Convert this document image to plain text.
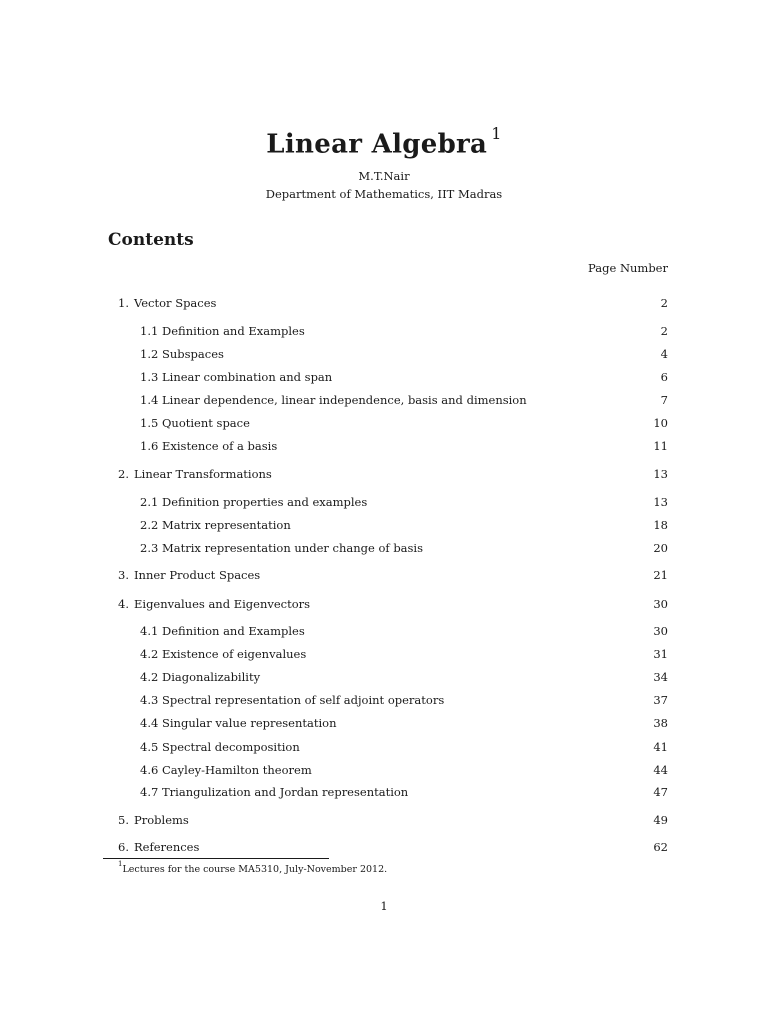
Linear Algebra $^1$
M.T.Nair
Department of Mathematics, IIT Madras
Contents
Page Number
1. Vector Spaces	2
1.1 Definition and Examples	2
1.2 Subspaces	4
1.3 Linear combination and span	6
1.4 Linear dependence, linear independence, basis and dimension	7
1.5 Quotient space	10
1.6 Existence of a basis	11
2. Linear Transformations	13
2.1 Definition properties and examples	13
2.2 Matrix representation	18
2.3 Matrix representation under change of basis	20
3. Inner Product Spaces	21
4. Eigenvalues and Eigenvectors	30
4.1 Definition and Examples	30
4.2 Existence of eigenvalues	31
4.2 Diagonalizability	34
4.3 Spectral representation of self adjoint operators	37
4.4 Singular value representation	38
4.5 Spectral decomposition	41
4.6 Cayley-Hamilton theorem	44
4.7 Triangulization and Jordan representation	47
5. Problems	49
6. References	62
$^1$Lectures for the course MA5310, July-November 2012.
1
